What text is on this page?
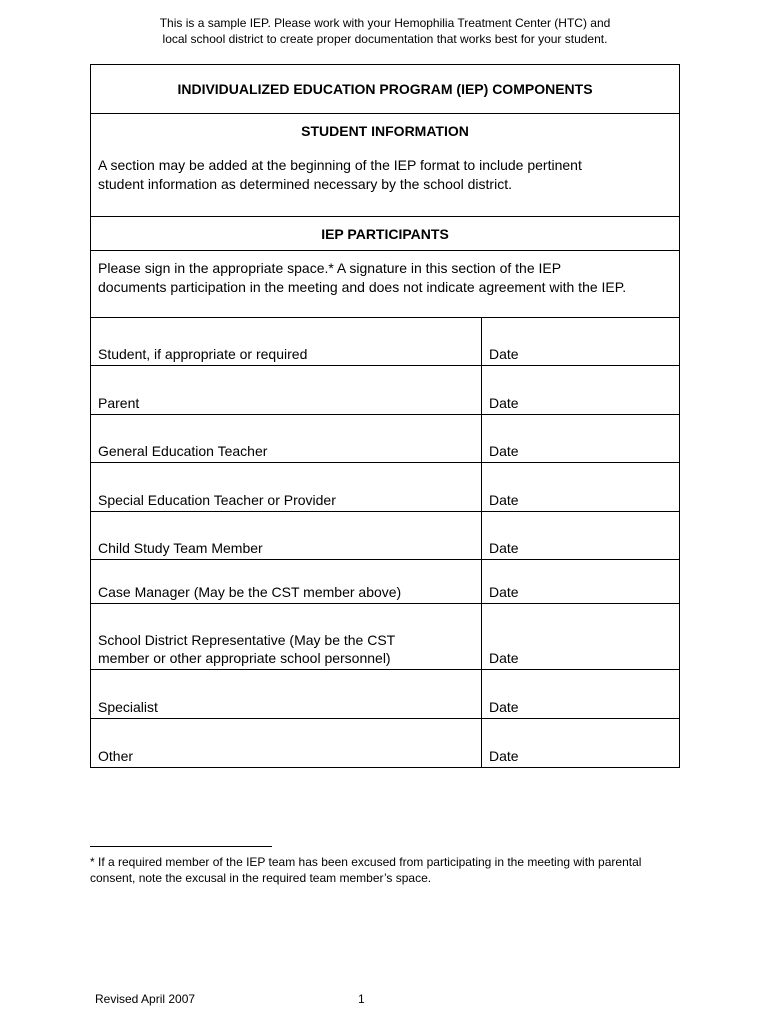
This is a sample IEP. Please work with your Hemophilia Treatment Center (HTC) and
local school district to create proper documentation that works best for your student.
INDIVIDUALIZED EDUCATION PROGRAM (IEP) COMPONENTS
STUDENT INFORMATION
A section may be added at the beginning of the IEP format to include pertinent
student information as determined necessary by the school district.
IEP PARTICIPANTS
Please sign in the appropriate space.* A signature in this section of the IEP
documents participation in the meeting and does not indicate agreement with the IEP.
Student, if appropriate or required	Date
Parent	Date
General Education Teacher	Date
Special Education Teacher or Provider	Date
Child Study Team Member	Date
Case Manager (May be the CST member above)	Date
School District Representative (May be the CST
member or other appropriate school personnel)	Date
Specialist	Date
Other	Date
* If a required member of the IEP team has been excused from participating in the meeting with parental
consent, note the excusal in the required team member’s space.
Revised April 2007	1
